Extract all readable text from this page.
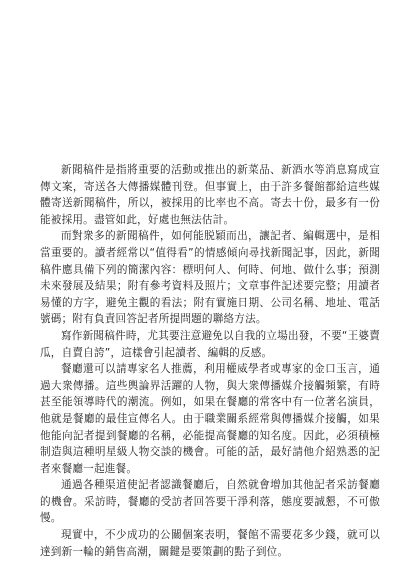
新聞稿件是指將重要的活動或推出的新菜品、新酒水等消息寫成宣傳文案，寄送各大傳播媒體刊登。但事實上，由于許多餐館都給這些媒體寄送新聞稿件，所以，被採用的比率也不高。寄去十份，最多有一份能被採用。盡管如此，好處也無法估計。

而對衆多的新聞稿件，如何能脱穎而出，讓記者、編輯選中，是相當重要的。讀者經常以“值得看”的情感傾向尋找新聞記事，因此，新聞稿件應具備下列的簡潔內容：標明何人、何時、何地、做什么事；預測未來發展及結果；附有參考資料及照片；文章事件記述要完整；用讀者易懂的方字，避免主觀的看法；附有實施日期、公司名稱、地址、電話號碼；附有負責回答記者所提問題的聯絡方法。

寫作新聞稿件時，尤其要注意避免以自我的立場出發，不要“王婆賣瓜，自賣自誇”，這樣會引起讀者、編輯的反感。

餐廳還可以請專家名人推薦，利用權威學者或專家的金口玉言，通過大衆傳播。這些輿論界活躍的人物，與大衆傳播媒介接觸頻繁，有時甚至能領導時代的潮流。例如，如果在餐廳的常客中有一位著名演員，他就是餐廳的最佳宣傳名人。由于職業關系經常與傳播媒介接觸，如果他能向記者提到餐廳的名稱，必能提高餐廳的知名度。因此，必須積極制造與這種明星級人物交談的機會。可能的話，最好請他介紹熟悉的記者來餐廳一起進餐。

通過各種渠道使記者認識餐廳后，自然就會增加其他記者采訪餐廳的機會。采訪時，餐廳的受訪者回答要干淨利落，態度要誠懇，不可傲慢。

現實中，不少成功的公關個案表明，餐館不需要花多少錢，就可以達到新一輪的銷售高潮，關鍵是要策劃的點子到位。
